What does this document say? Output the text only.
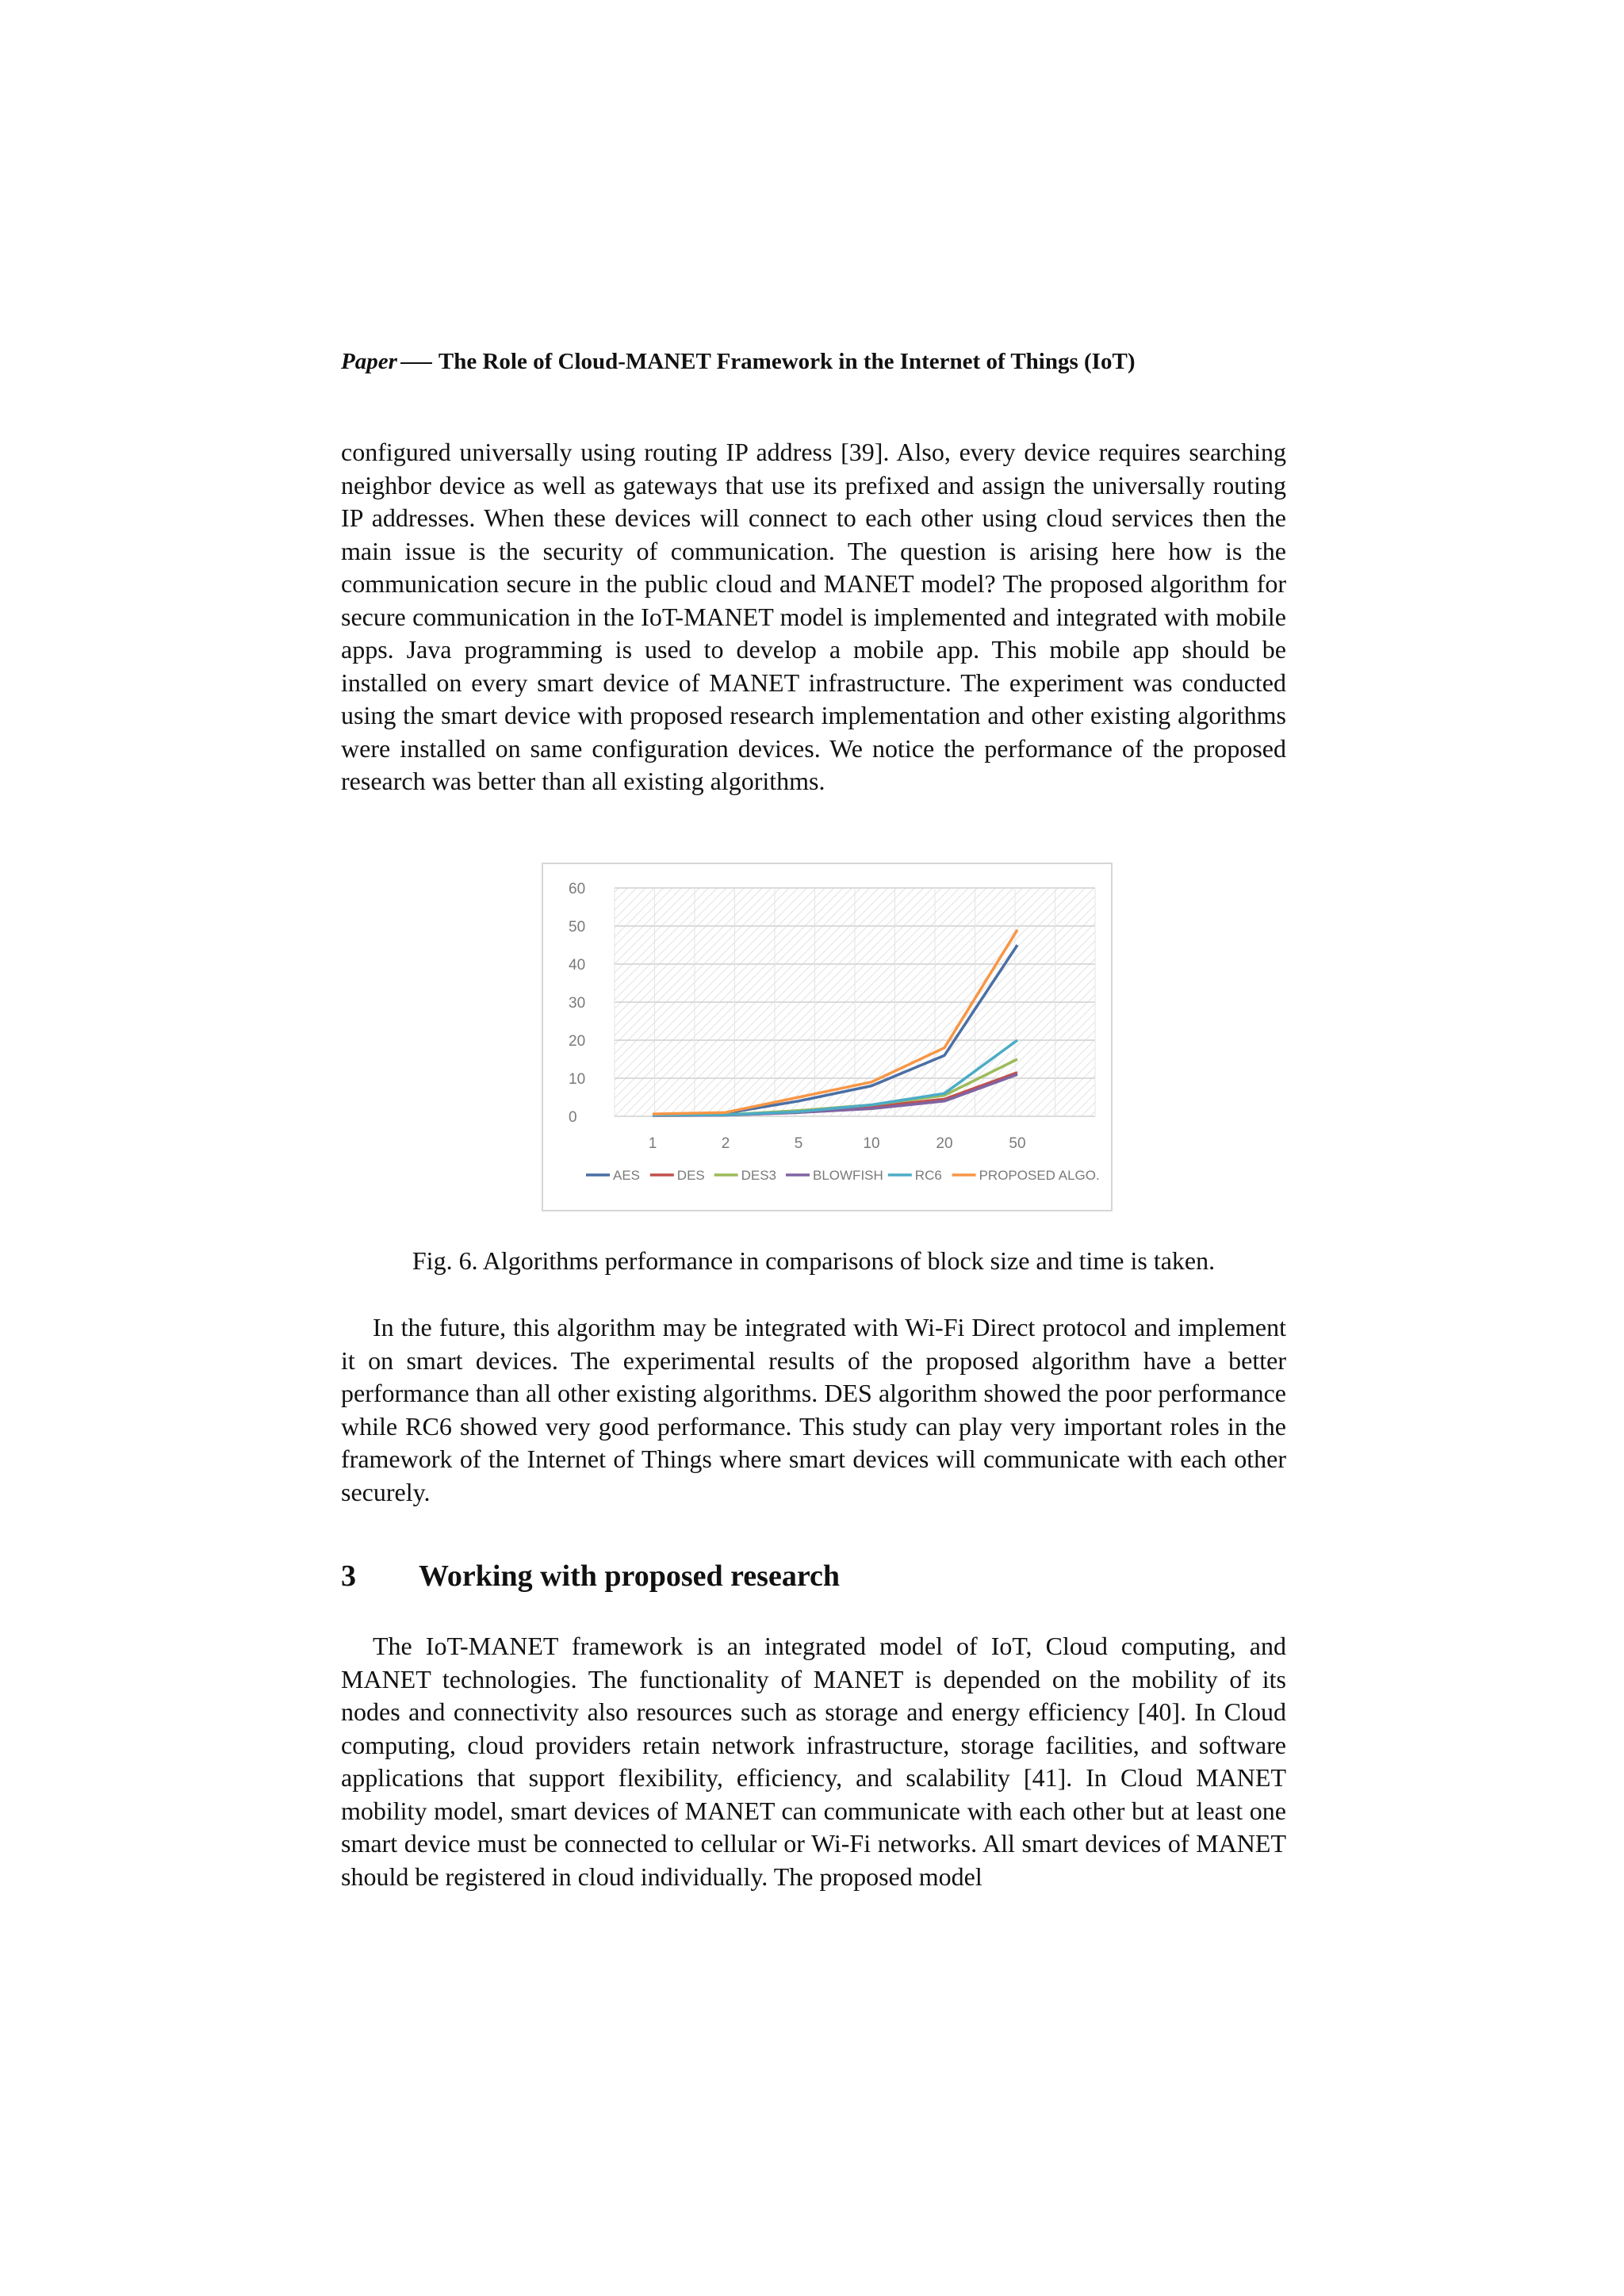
Paper The Role of Cloud-MANET Framework in the Internet of Things (IoT)

configured universally using routing IP address [39]. Also, every device requires searching neighbor device as well as gateways that use its prefixed and assign the universally routing IP addresses. When these devices will connect to each other using cloud services then the main issue is the security of communication. The question is arising here how is the communication secure in the public cloud and MANET model? The proposed algorithm for secure communication in the IoT-MANET model is implemented and integrated with mobile apps. Java programming is used to develop a mobile app. This mobile app should be installed on every smart device of MANET infrastructure. The experiment was conducted using the smart device with proposed research implementation and other existing algorithms were installed on same configuration devices. We notice the performance of the proposed research was better than all existing algorithms.

0
10
20
30
40
50
60
1	2	5	10	20	50
AES	DES	DES3	BLOWFISH RC6	PROPOSED ALGO.

Fig. 6. Algorithms performance in comparisons of block size and time is taken.

In the future, this algorithm may be integrated with Wi-Fi Direct protocol and implement it on smart devices. The experimental results of the proposed algorithm have a better performance than all other existing algorithms. DES algorithm showed the poor performance while RC6 showed very good performance. This study can play very important roles in the framework of the Internet of Things where smart devices will communicate with each other securely.

3 Working with proposed research

The IoT-MANET framework is an integrated model of IoT, Cloud computing, and MANET technologies. The functionality of MANET is depended on the mobility of its nodes and connectivity also resources such as storage and energy efficiency [40]. In Cloud computing, cloud providers retain network infrastructure, storage facilities, and software applications that support flexibility, efficiency, and scalability [41]. In Cloud MANET mobility model, smart devices of MANET can communicate with each other but at least one smart device must be connected to cellular or Wi-Fi networks. All smart devices of MANET should be registered in cloud individually. The proposed model
